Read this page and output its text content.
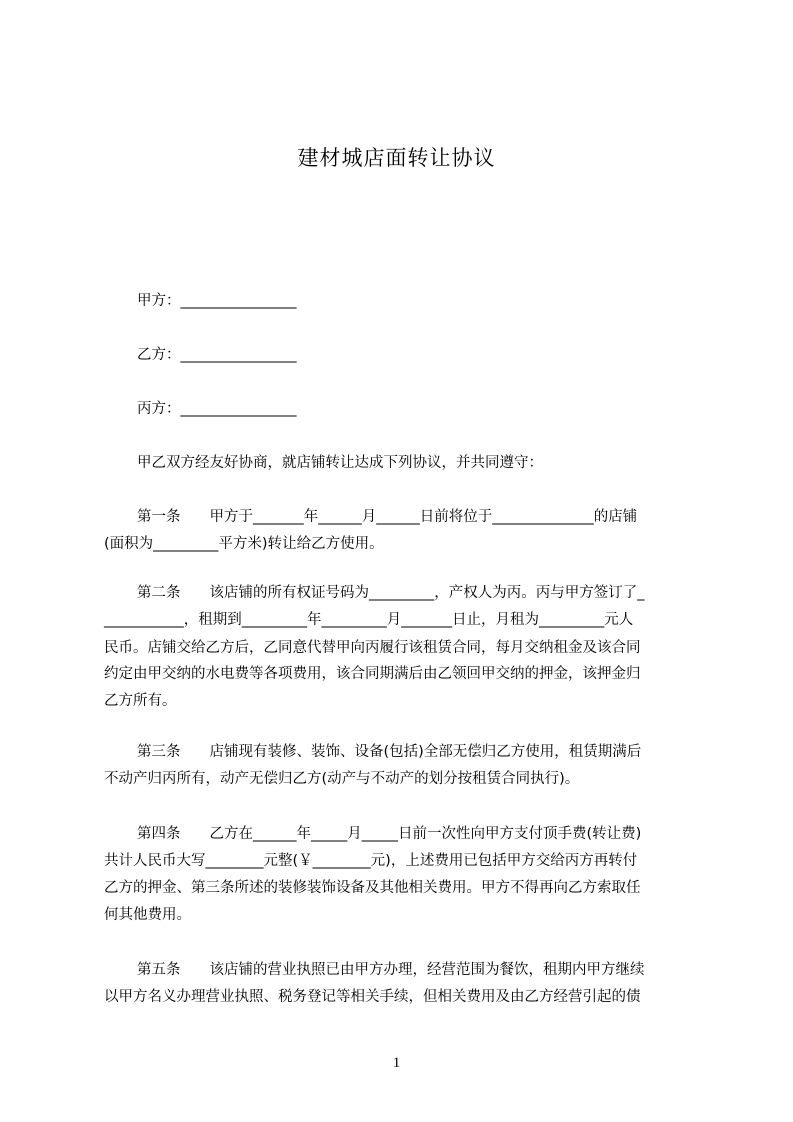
建材城店面转让协议
甲方：________________
乙方：________________
丙方：________________
甲乙双方经友好协商，就店铺转让达成下列协议，并共同遵守：
第一条　　甲方于_______年______月______日前将位于______________的店铺
(面积为_________平方米)转让给乙方使用。
第二条　　该店铺的所有权证号码为_________，产权人为丙。丙与甲方签订了_
___________，租期到_________年_________月_______日止，月租为_________元人
民币。店铺交给乙方后，乙同意代替甲向丙履行该租赁合同，每月交纳租金及该合同
约定由甲交纳的水电费等各项费用，该合同期满后由乙领回甲交纳的押金，该押金归
乙方所有。
第三条　　店铺现有装修、装饰、设备(包括)全部无偿归乙方使用，租赁期满后
不动产归丙所有，动产无偿归乙方(动产与不动产的划分按租赁合同执行)。
第四条　　乙方在______年_____月_____日前一次性向甲方支付顶手费(转让费)
共计人民币大写________元整(￥________元)，上述费用已包括甲方交给丙方再转付
乙方的押金、第三条所述的装修装饰设备及其他相关费用。甲方不得再向乙方索取任
何其他费用。
第五条　　该店铺的营业执照已由甲方办理，经营范围为餐饮，租期内甲方继续
以甲方名义办理营业执照、税务登记等相关手续，但相关费用及由乙方经营引起的债
1
